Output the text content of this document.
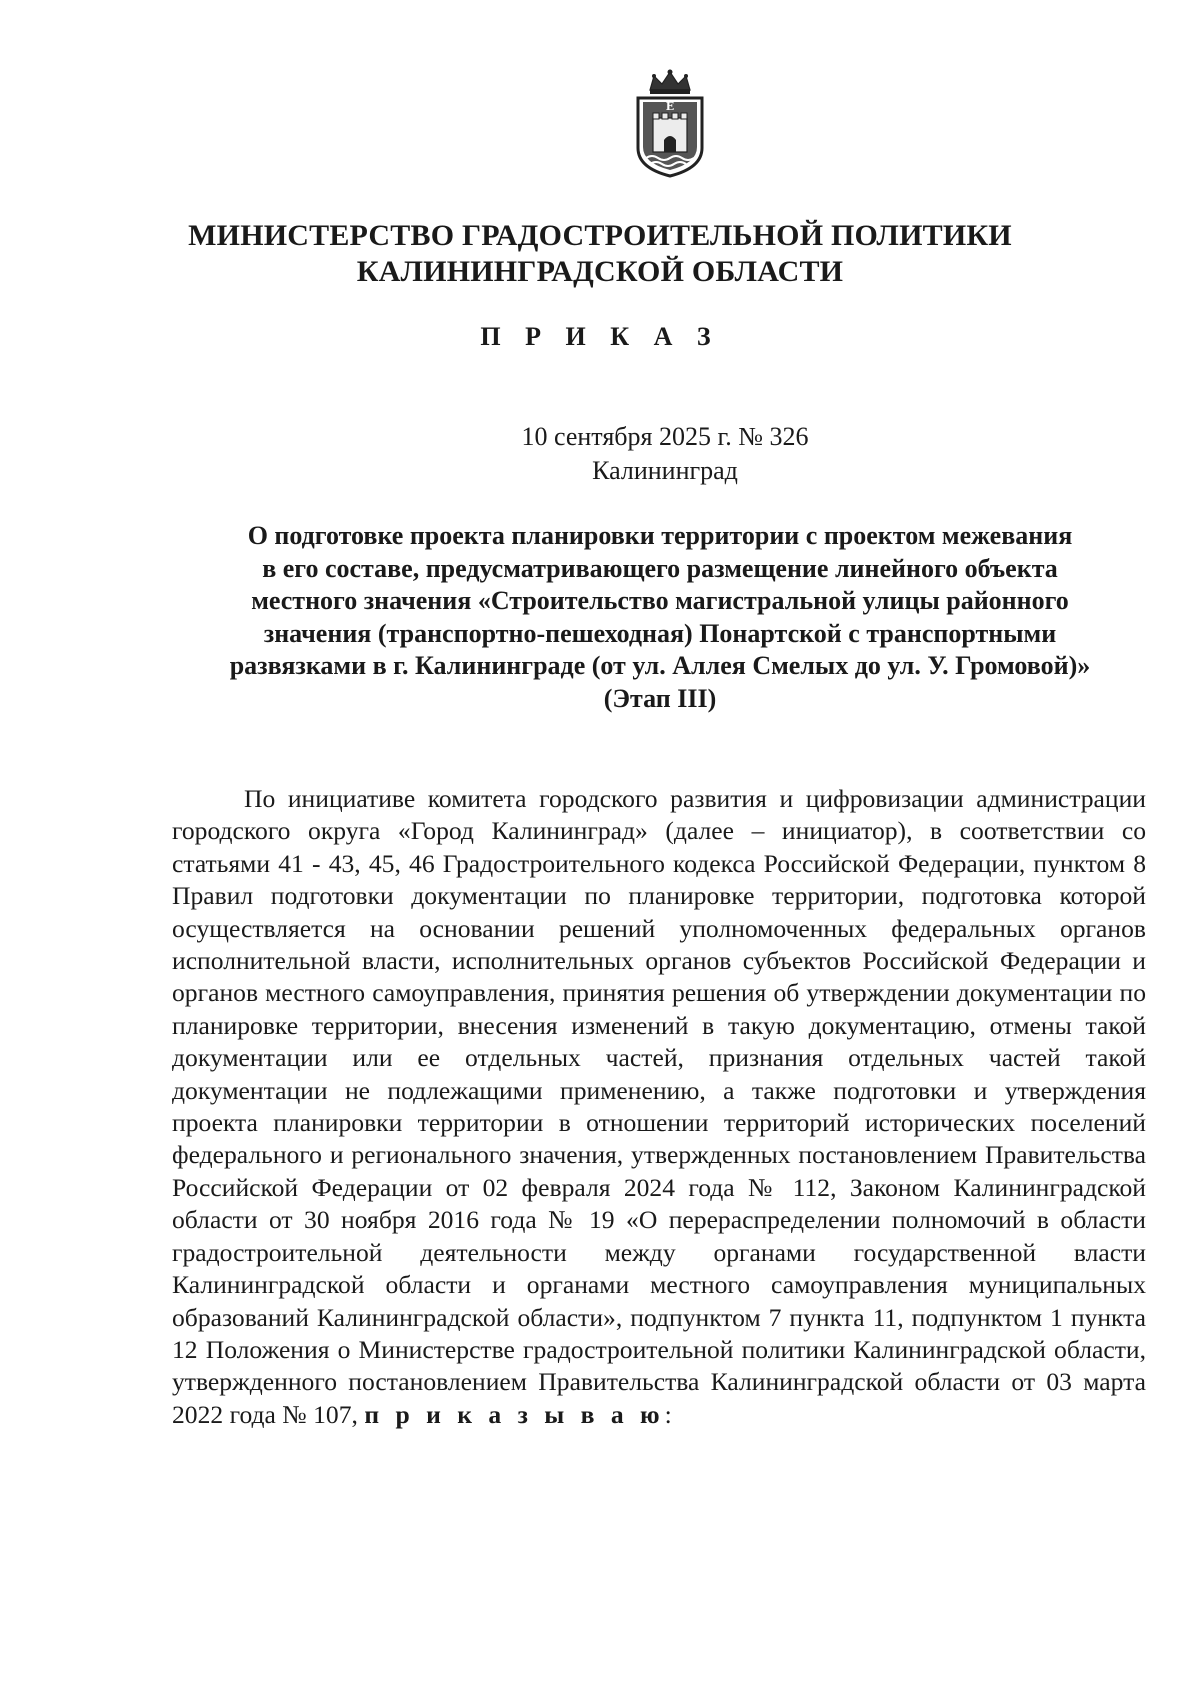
Е
МИНИСТЕРСТВО ГРАДОСТРОИТЕЛЬНОЙ ПОЛИТИКИ
КАЛИНИНГРАДСКОЙ ОБЛАСТИ
П Р И К А З
10 сентября 2025 г. № 326
Калининград
О подготовке проекта планировки территории с проектом межевания
в его составе, предусматривающего размещение линейного объекта
местного значения «Строительство магистральной улицы районного
значения (транспортно-пешеходная) Понартской с транспортными
развязками в г. Калининграде (от ул. Аллея Смелых до ул. У. Громовой)»
(Этап III)
По инициативе комитета городского развития и цифровизации администрации городского округа «Город Калининград» (далее – инициатор), в соответствии со статьями 41 - 43, 45, 46 Градостроительного кодекса Российской Федерации, пунктом 8 Правил подготовки документации по планировке территории, подготовка которой осуществляется на основании решений уполномоченных федеральных органов исполнительной власти, исполнительных органов субъектов Российской Федерации и органов местного самоуправления, принятия решения об утверждении документации по планировке территории, внесения изменений в такую документацию, отмены такой документации или ее отдельных частей, признания отдельных частей такой документации не подлежащими применению, а также подготовки и утверждения проекта планировки территории в отношении территорий исторических поселений федерального и регионального значения, утвержденных постановлением Правительства Российской Федерации от 02 февраля 2024 года № 112, Законом Калининградской области от 30 ноября 2016 года № 19 «О перераспределении полномочий в области градостроительной деятельности между органами государственной власти Калининградской области и органами местного самоуправления муниципальных образований Калининградской области», подпунктом 7 пункта 11, подпунктом 1 пункта 12 Положения о Министерстве градостроительной политики Калининградской области, утвержденного постановлением Правительства Калининградской области от 03 марта 2022 года № 107, п р и к а з ы в а ю:
